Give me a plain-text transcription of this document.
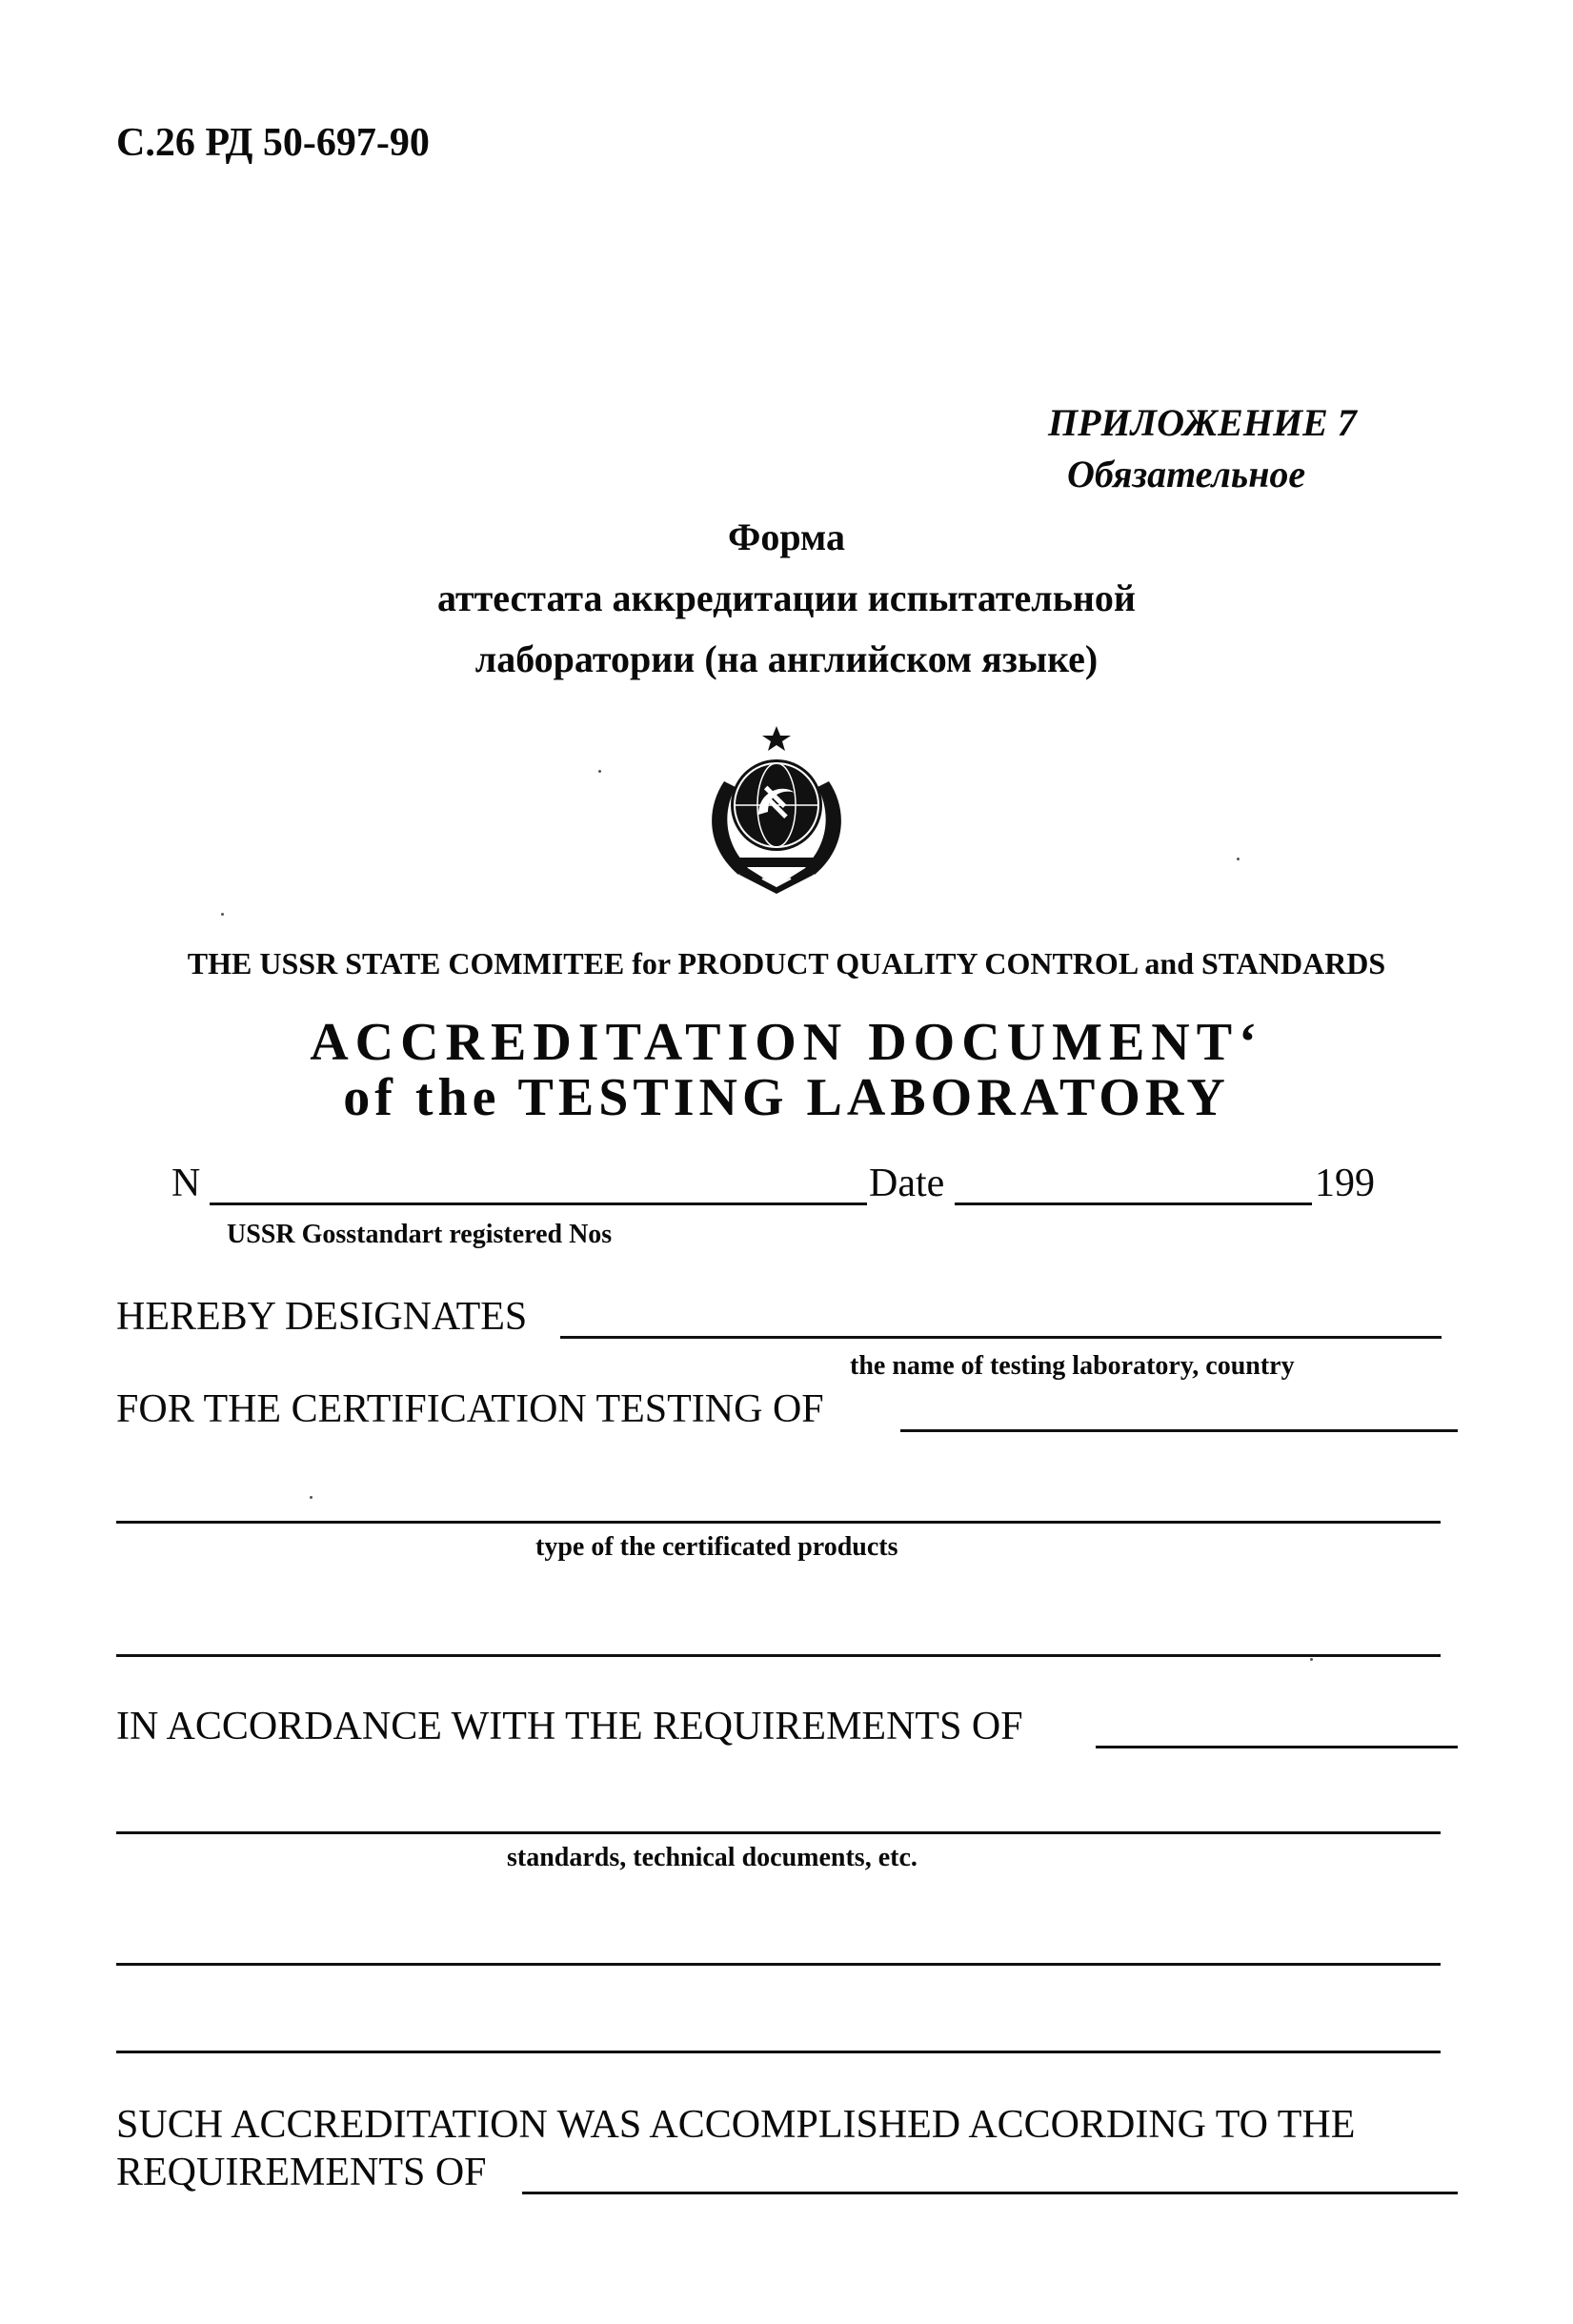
С.26 РД 50-697-90
ПРИЛОЖЕНИЕ 7
Обязательное
Форма
аттестата аккредитации испытательной
лаборатории (на английском языке)
THE USSR STATE COMMITEE for PRODUCT QUALITY CONTROL and STANDARDS
ACCREDITATION DOCUMENT‘
of the TESTING LABORATORY
N	Date	199
USSR Gosstandart registered Nos
HEREBY DESIGNATES
the name of testing laboratory, country
FOR THE CERTIFICATION TESTING OF
type of the certificated products
IN ACCORDANCE WITH THE REQUIREMENTS OF
standards, technical documents, etc.
SUCH ACCREDITATION WAS ACCOMPLISHED ACCORDING TO THE
REQUIREMENTS OF
